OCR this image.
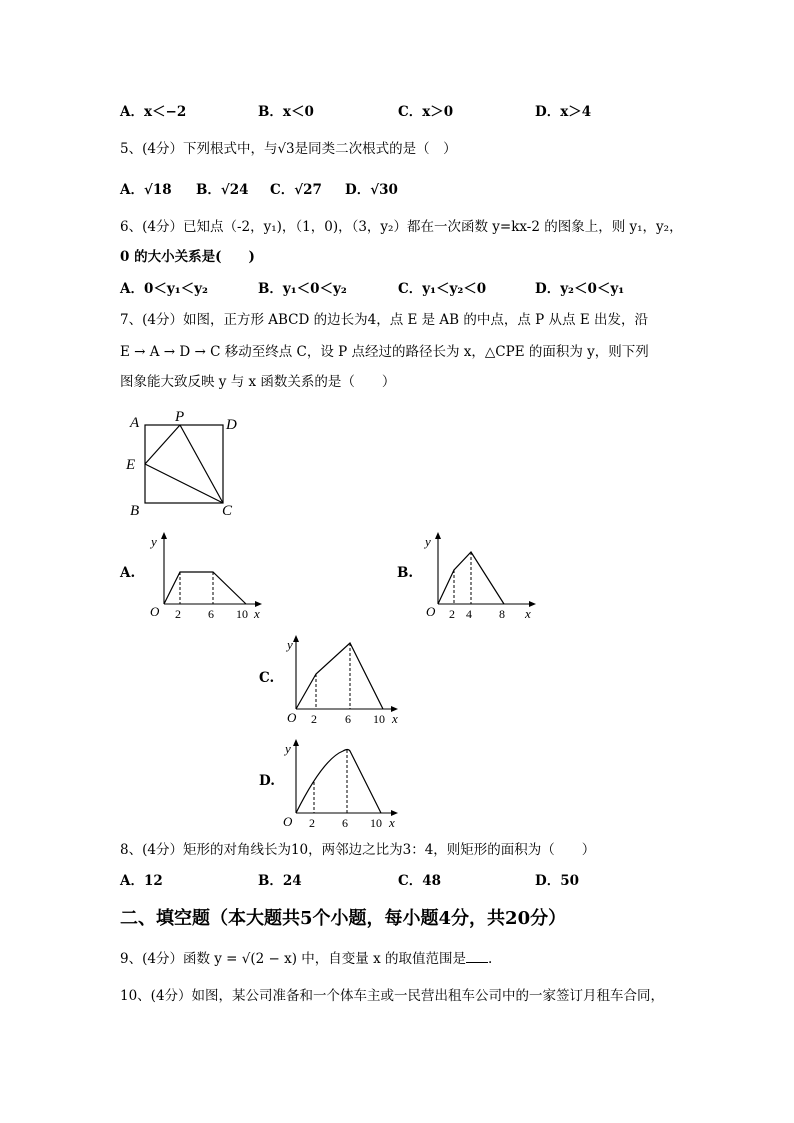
A．x＜−2	B．x＜0	C．x＞0	D．x＞4
5、(4分）下列根式中，与√3是同类二次根式的是（　）
A．√18 B．√24 C．√27 D．√30
6、(4分）已知点（-2，y₁)，（1，0)，（3，y₂）都在一次函数 y=kx-2 的图象上，则 y₁，y₂，
0 的大小关系是(　　)
A．0＜y₁＜y₂	B．y₁＜0＜y₂	C．y₁＜y₂＜0	D．y₂＜0＜y₁
7、(4分）如图，正方形 ABCD 的边长为4，点 E 是 AB 的中点，点 P 从点 E 出发，沿
E → A → D → C 移动至终点 C，设 P 点经过的路径长为 x，△CPE 的面积为 y，则下列
图象能大致反映 y 与 x 函数关系的是（　　）
A P	D
E
B	C
A.	B.
C.
D.
y
O 2 6 10 x
y
O 2 4 8 x
y
O 2 6 10 x
y
O 2 6 10 x
8、(4分）矩形的对角线长为10，两邻边之比为3：4，则矩形的面积为（　　）
A．12	B．24	C．48	D．50
二、填空题（本大题共5个小题，每小题4分，共20分）
9、(4分）函数 y = √(2 − x) 中，自变量 x 的取值范围是 .
10、(4分）如图，某公司准备和一个体车主或一民营出租车公司中的一家签订月租车合同，
